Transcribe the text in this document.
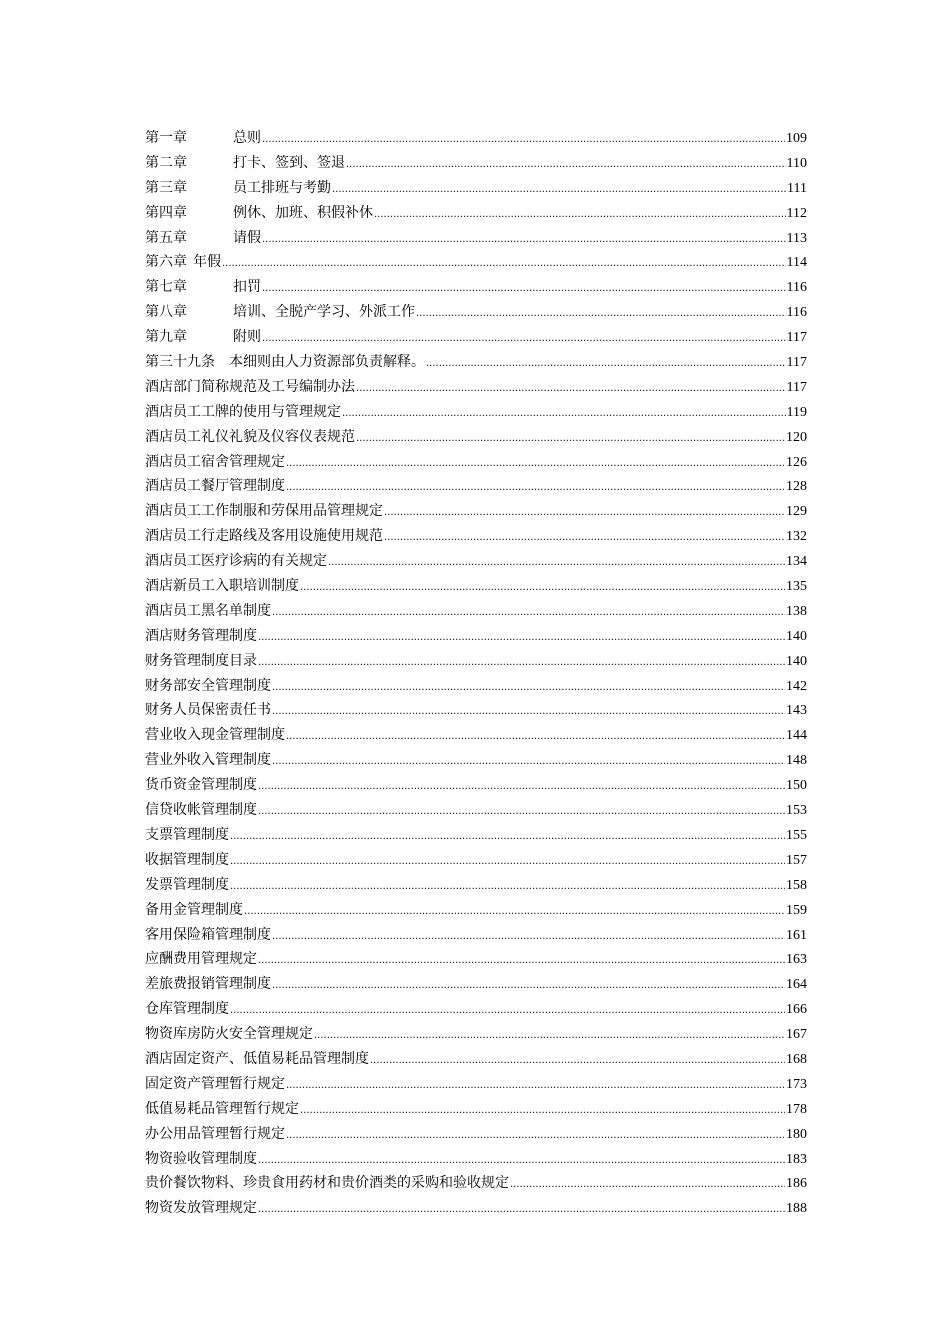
第一章	总则 .....	109
第二章	打卡、签到、签退 .....	110
第三章	员工排班与考勤 .....	111
第四章	例休、加班、积假补休 .....	112
第五章	请假 .....	113
第六章 年假 .....	114
第七章	扣罚 .....	116
第八章	培训、全脱产学习、外派工作 .....	116
第九章	附则 .....	117
第三十九条 本细则由人力资源部负责解释。 .....	117
酒店部门简称规范及工号编制办法 .....	117
酒店员工工牌的使用与管理规定 .....	119
酒店员工礼仪礼貌及仪容仪表规范 .....	120
酒店员工宿舍管理规定 .....	126
酒店员工餐厅管理制度 .....	128
酒店员工工作制服和劳保用品管理规定 .....	129
酒店员工行走路线及客用设施使用规范 .....	132
酒店员工医疗诊病的有关规定 .....	134
酒店新员工入职培训制度 .....	135
酒店员工黑名单制度 .....	138
酒店财务管理制度 .....	140
财务管理制度目录 .....	140
财务部安全管理制度 .....	142
财务人员保密责任书 .....	143
营业收入现金管理制度 .....	144
营业外收入管理制度 .....	148
货币资金管理制度 .....	150
信贷收帐管理制度 .....	153
支票管理制度 .....	155
收据管理制度 .....	157
发票管理制度 .....	158
备用金管理制度 .....	159
客用保险箱管理制度 .....	161
应酬费用管理规定 .....	163
差旅费报销管理制度 .....	164
仓库管理制度 .....	166
物资库房防火安全管理规定 .....	167
酒店固定资产、低值易耗品管理制度 .....	168
固定资产管理暂行规定 .....	173
低值易耗品管理暂行规定 .....	178
办公用品管理暂行规定 .....	180
物资验收管理制度 .....	183
贵价餐饮物料、珍贵食用药材和贵价酒类的采购和验收规定 .....	186
物资发放管理规定 .....	188
